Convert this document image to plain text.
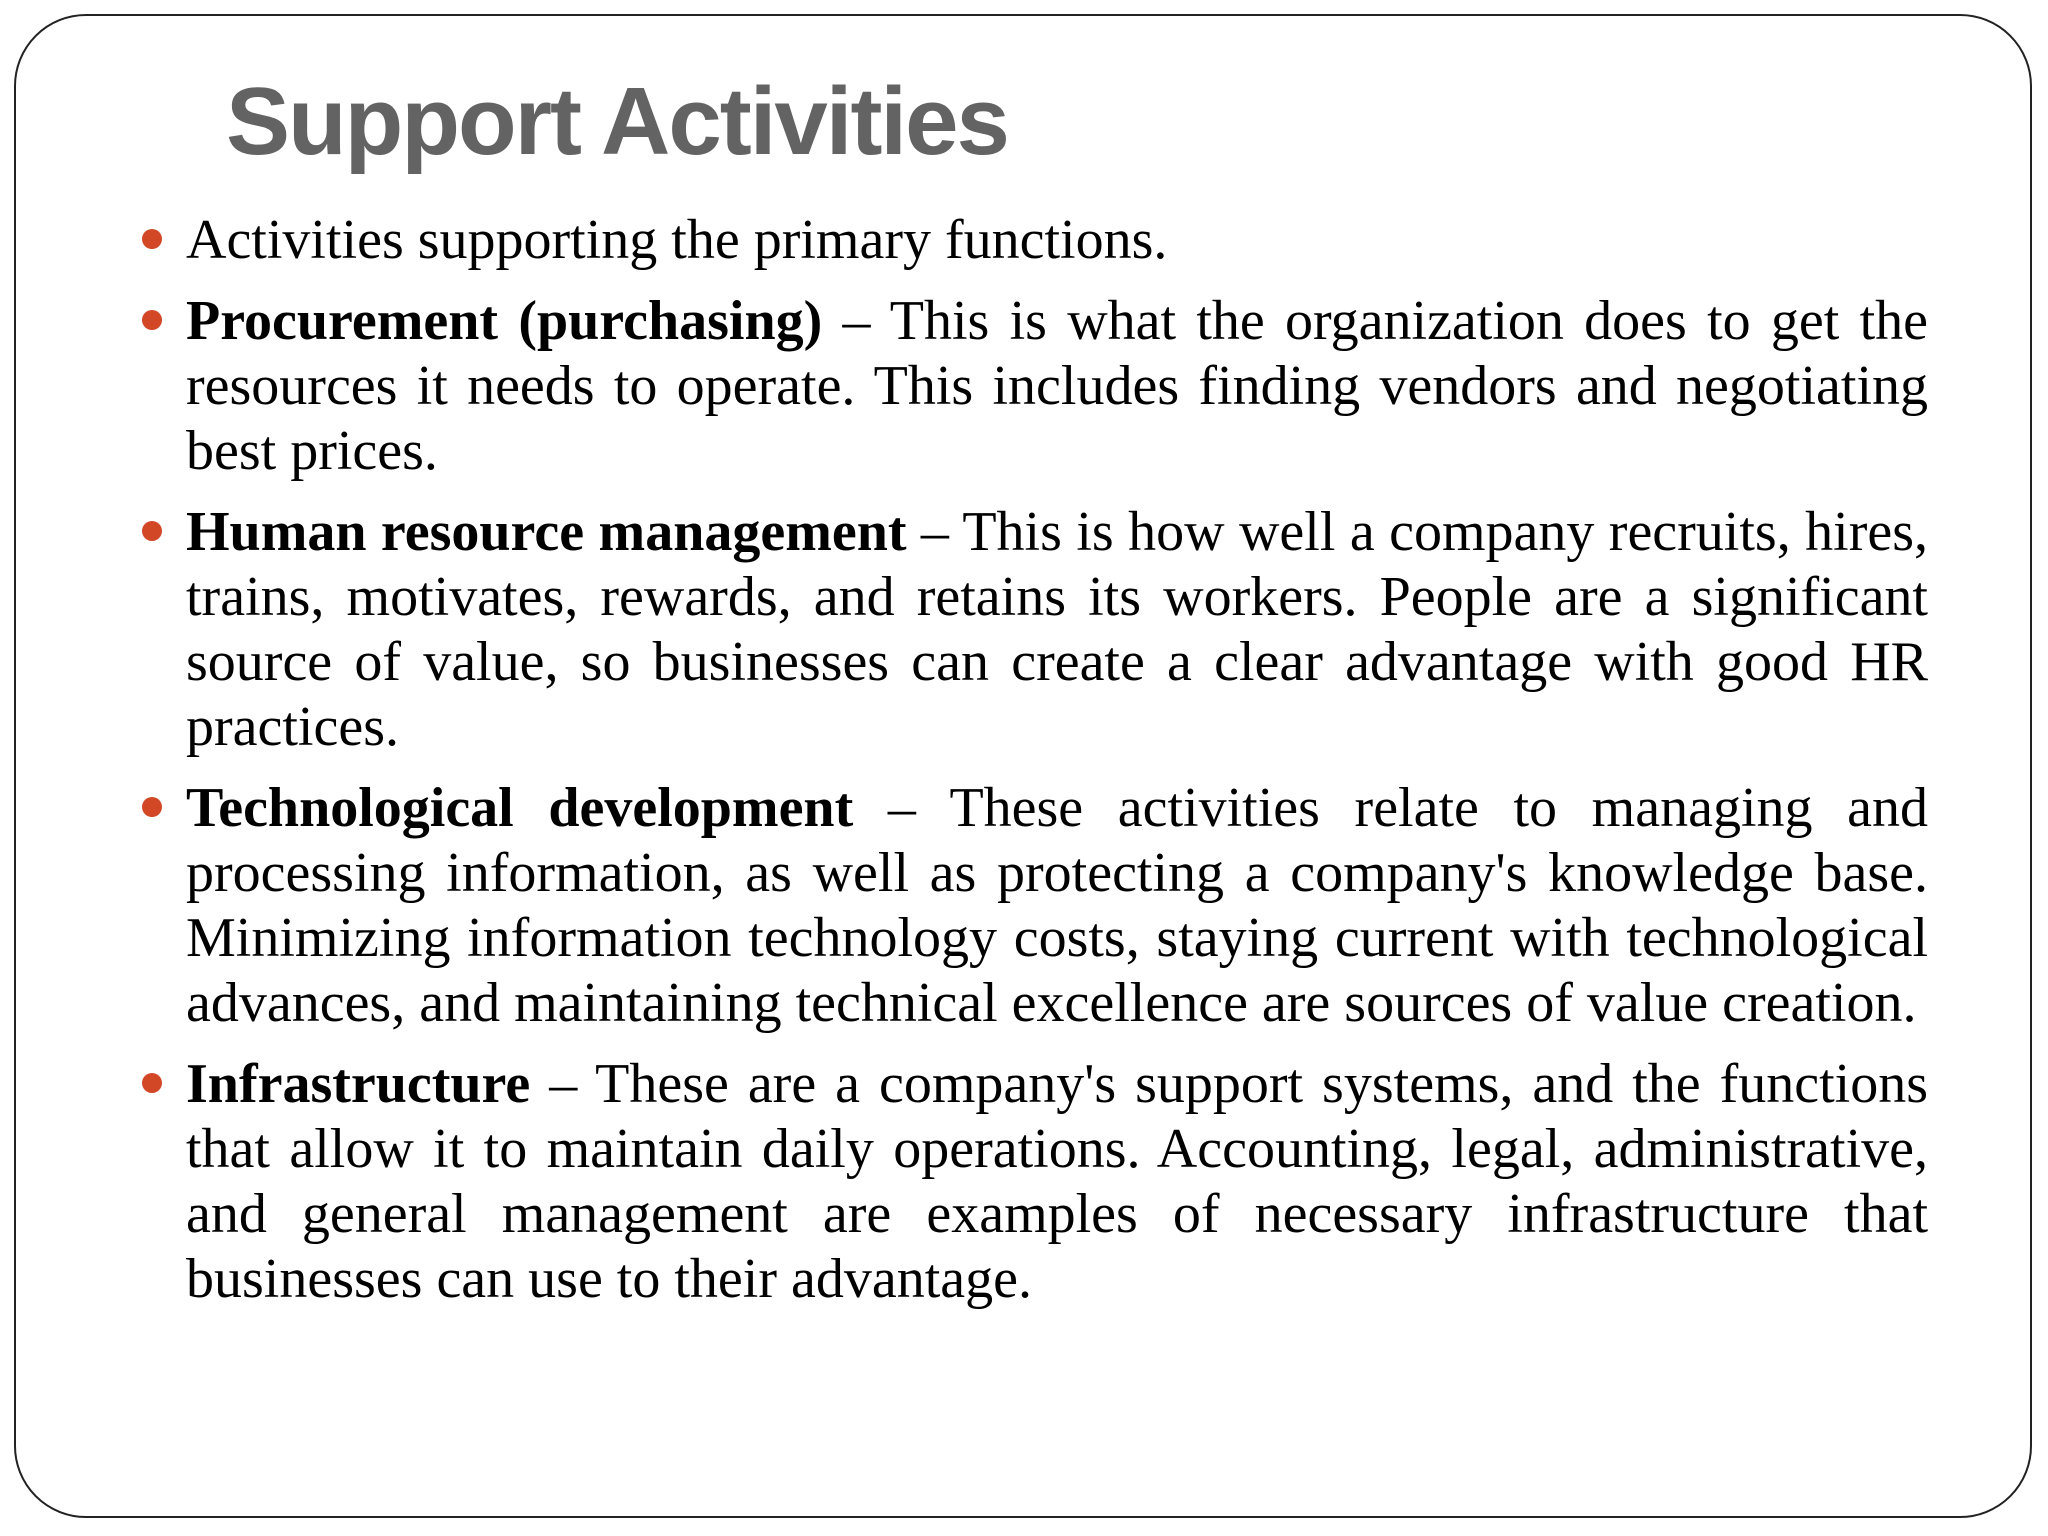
Support Activities
Activities supporting the primary functions.
Procurement (purchasing) – This is what the organization does to get the resources it needs to operate. This includes finding vendors and negotiating best prices.
Human resource management – This is how well a company recruits, hires, trains, motivates, rewards, and retains its workers. People are a significant source of value, so businesses can create a clear advantage with good HR practices.
Technological development – These activities relate to managing and processing information, as well as protecting a company's knowledge base. Minimizing information technology costs, staying current with technological advances, and maintaining technical excellence are sources of value creation.
Infrastructure – These are a company's support systems, and the functions that allow it to maintain daily operations. Accounting, legal, administrative, and general management are examples of necessary infrastructure that businesses can use to their advantage.
